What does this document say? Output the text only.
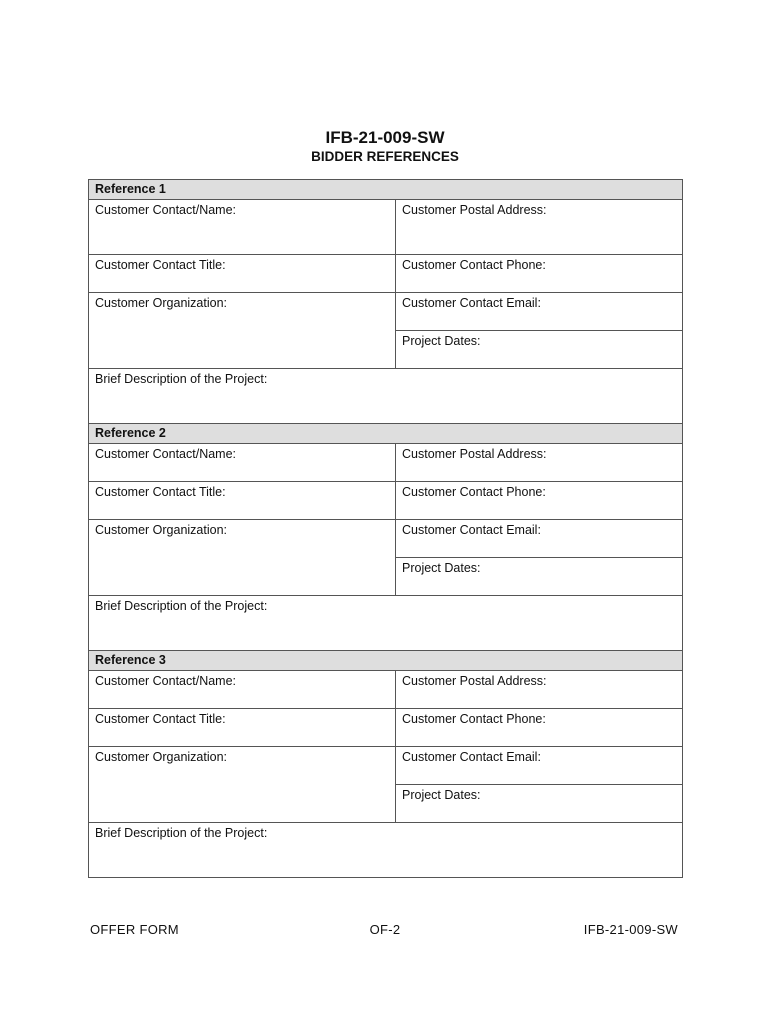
IFB-21-009-SW
BIDDER REFERENCES
Reference 1
Customer Contact/Name:	Customer Postal Address:
Customer Contact Title:	Customer Contact Phone:
Customer Organization:	Customer Contact Email:
Project Dates:
Brief Description of the Project:
Reference 2
Customer Contact/Name:	Customer Postal Address:
Customer Contact Title:	Customer Contact Phone:
Customer Organization:	Customer Contact Email:
Project Dates:
Brief Description of the Project:
Reference 3
Customer Contact/Name:	Customer Postal Address:
Customer Contact Title:	Customer Contact Phone:
Customer Organization:	Customer Contact Email:
Project Dates:
Brief Description of the Project:
OFFER FORM	OF-2	IFB-21-009-SW
